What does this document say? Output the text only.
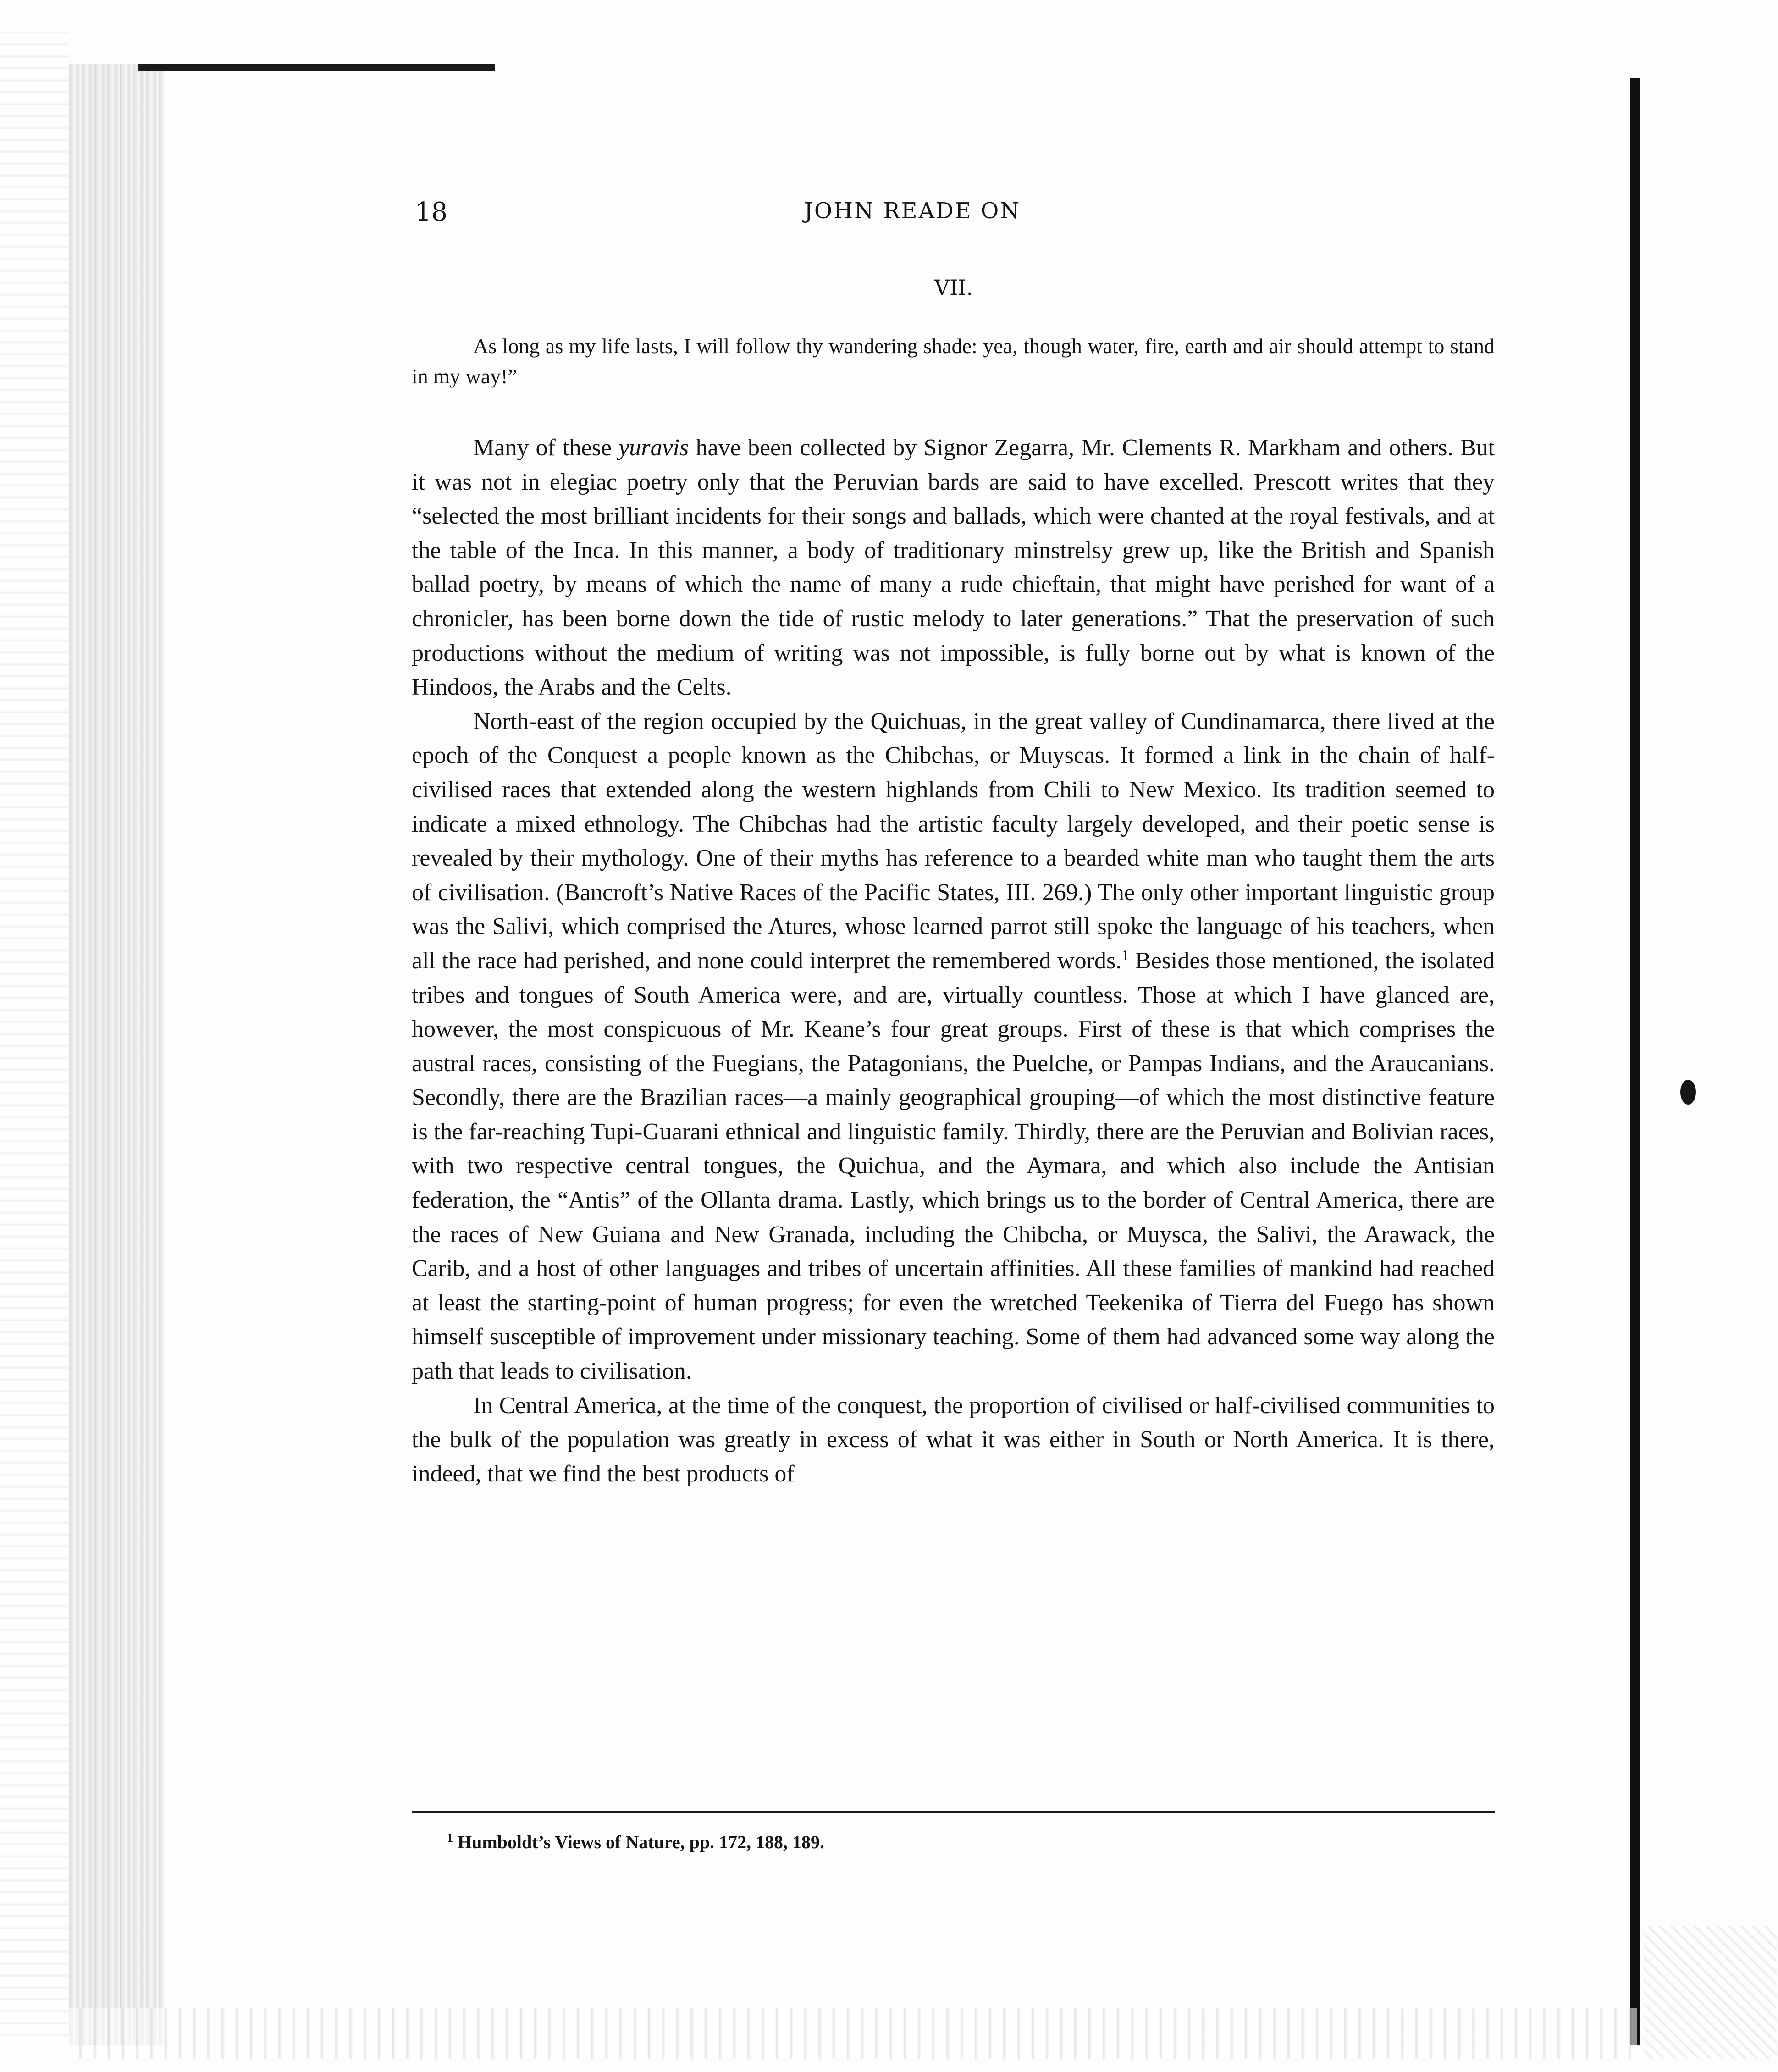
18	JOHN READE ON
VII.

As long as my life lasts, I will follow thy wandering shade: yea, though water, fire, earth and air should attempt to stand in my way!”

Many of these yuravis have been collected by Signor Zegarra, Mr. Clements R. Markham and others. But it was not in elegiac poetry only that the Peruvian bards are said to have excelled. Prescott writes that they “selected the most brilliant incidents for their songs and ballads, which were chanted at the royal festivals, and at the table of the Inca. In this manner, a body of traditionary minstrelsy grew up, like the British and Spanish ballad poetry, by means of which the name of many a rude chieftain, that might have perished for want of a chronicler, has been borne down the tide of rustic melody to later generations.” That the preservation of such productions without the medium of writing was not impossible, is fully borne out by what is known of the Hindoos, the Arabs and the Celts.

North-east of the region occupied by the Quichuas, in the great valley of Cundinamarca, there lived at the epoch of the Conquest a people known as the Chibchas, or Muyscas. It formed a link in the chain of half-civilised races that extended along the western highlands from Chili to New Mexico. Its tradition seemed to indicate a mixed ethnology. The Chibchas had the artistic faculty largely developed, and their poetic sense is revealed by their mythology. One of their myths has reference to a bearded white man who taught them the arts of civilisation. (Bancroft’s Native Races of the Pacific States, III. 269.) The only other important linguistic group was the Salivi, which comprised the Atures, whose learned parrot still spoke the language of his teachers, when all the race had perished, and none could interpret the remembered words.$^1$ Besides those mentioned, the isolated tribes and tongues of South America were, and are, virtually countless. Those at which I have glanced are, however, the most conspicuous of Mr. Keane’s four great groups. First of these is that which comprises the austral races, consisting of the Fuegians, the Patagonians, the Puelche, or Pampas Indians, and the Araucanians. Secondly, there are the Brazilian races—a mainly geographical grouping—of which the most distinctive feature is the far-reaching Tupi-Guarani ethnical and linguistic family. Thirdly, there are the Peruvian and Bolivian races, with two respective central tongues, the Quichua, and the Aymara, and which also include the Antisian federation, the “Antis” of the Ollanta drama. Lastly, which brings us to the border of Central America, there are the races of New Guiana and New Granada, including the Chibcha, or Muysca, the Salivi, the Arawack, the Carib, and a host of other languages and tribes of uncertain affinities. All these families of mankind had reached at least the starting-point of human progress; for even the wretched Teekenika of Tierra del Fuego has shown himself susceptible of improvement under missionary teaching. Some of them had advanced some way along the path that leads to civilisation.

In Central America, at the time of the conquest, the proportion of civilised or half-civilised communities to the bulk of the population was greatly in excess of what it was either in South or North America. It is there, indeed, that we find the best products of

$^1$ Humboldt’s Views of Nature, pp. 172, 188, 189.
